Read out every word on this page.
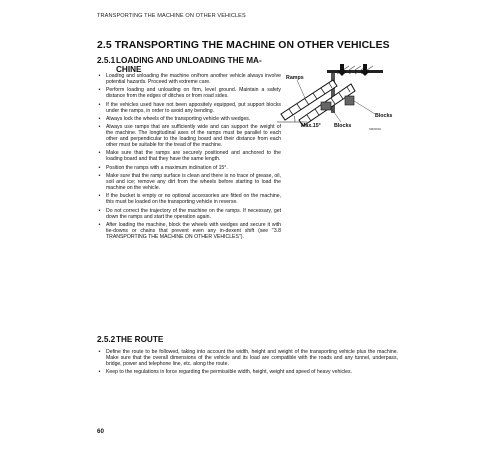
TRANSPORTING THE MACHINE ON OTHER VEHICLES
2.5 TRANSPORTING THE MACHINE ON OTHER VEHICLES
2.5.1LOADING AND UNLOADING THE MA-
CHINE
• Loading and unloading the machine on/from another vehicle always involve potential hazards. Proceed with extreme care.
• Perform loading and unloading on firm, level ground. Maintain a safety distance from the edges of ditches or from road sides.
• If the vehicles used have not been appositely equipped, put support blocks under the ramps, in order to avoid any bending.
• Always lock the wheels of the transporting vehicle with wedges.
• Always use ramps that are sufficiently wide and can support the weight of the machine. The longitudinal axes of the ramps must be parallel to each other and perpendicular to the loading board and their distance from each other must be suitable for the tread of the machine.
• Make sure that the ramps are securely positioned and anchored to the loading board and that they have the same length.
• Position the ramps with a maximum inclination of 15°.
• Make sure that the ramp surface is clean and there is no trace of grease, oil, soil and ice; remove any dirt from the wheels before starting to load the machine on the vehicle.
• If the bucket is empty or no optional accessories are fitted on the machine, this must be loaded on the transporting vehicle in reverse.
• Do not correct the trajectory of the machine on the ramps. If necessary, get down the ramps and start the operation again.
• After loading the machine, block the wheels with wedges and secure it with tie-downs or chains that prevent even any in-dexent shift (see "3.8 TRANSPORTING THE MACHINE ON OTHER VEHICLES").
Ramps
Blocks
Max.15° Blocks	SM00004
2.5.2THE ROUTE
• Define the route to be followed, taking into account the width, height and weight of the transporting vehicle plus the machine. Make sure that the overall dimensions of the vehicle and its load are compatible with the roads and any tunnel, underpass, bridge, power and telephone line, etc. along the route.
• Keep to the regulations in force regarding the permissible width, height, weight and speed of heavy vehicles.
60
